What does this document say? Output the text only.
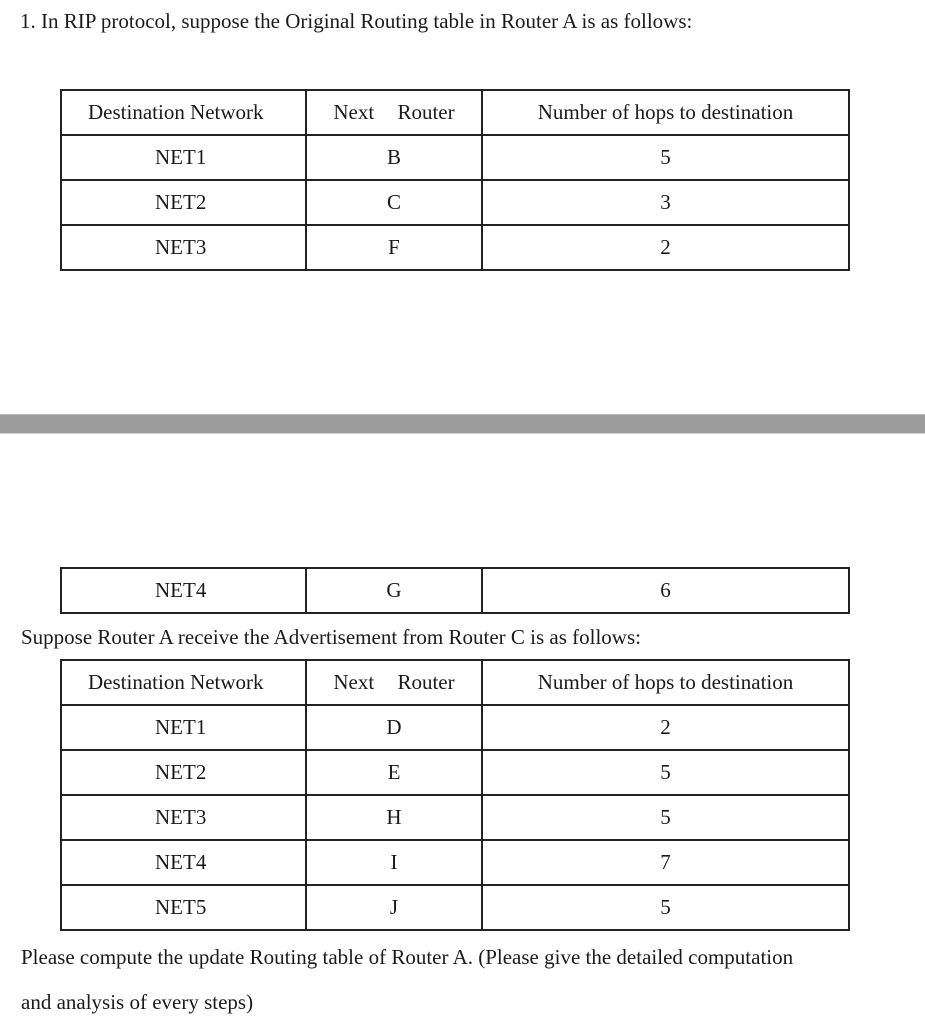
1. In RIP protocol, suppose the Original Routing table in Router A is as follows:
Destination Network	Next Router	Number of hops to destination
NET1	B	5
NET2	C	3
NET3	F	2
NET4	G	6
Suppose Router A receive the Advertisement from Router C is as follows:
Destination Network	Next Router	Number of hops to destination
NET1	D	2
NET2	E	5
NET3	H	5
NET4	I	7
NET5	J	5
Please compute the update Routing table of Router A. (Please give the detailed computation
and analysis of every steps)
